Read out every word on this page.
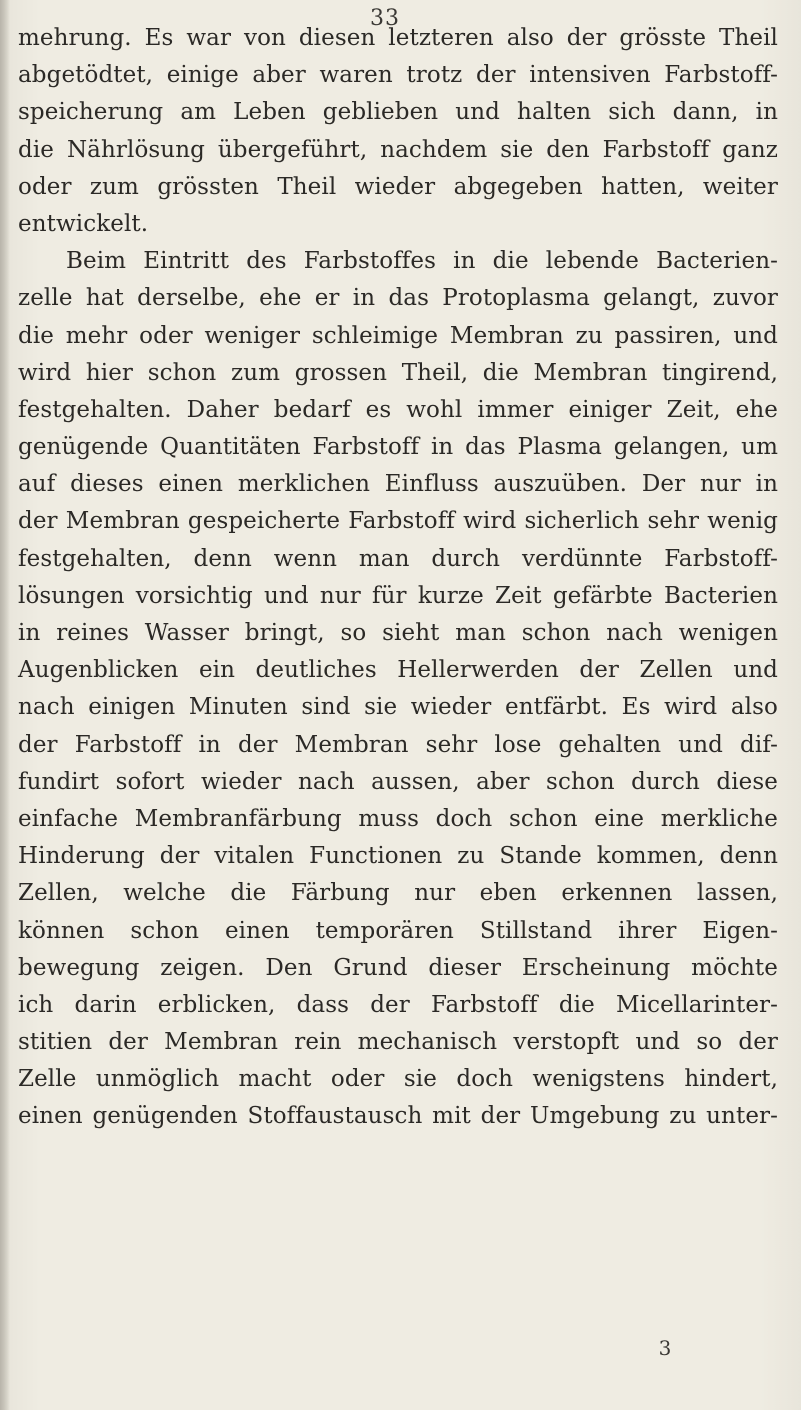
33
mehrung. Es war von diesen letzteren also der grösste Theil
abgetödtet, einige aber waren trotz der intensiven Farbstoff-
speicherung am Leben geblieben und halten sich dann, in
die Nährlösung übergeführt, nachdem sie den Farbstoff ganz
oder zum grössten Theil wieder abgegeben hatten, weiter
entwickelt.
Beim Eintritt des Farbstoffes in die lebende Bacterien-
zelle hat derselbe, ehe er in das Protoplasma gelangt, zuvor
die mehr oder weniger schleimige Membran zu passiren, und
wird hier schon zum grossen Theil, die Membran tingirend,
festgehalten. Daher bedarf es wohl immer einiger Zeit, ehe
genügende Quantitäten Farbstoff in das Plasma gelangen, um
auf dieses einen merklichen Einfluss auszuüben. Der nur in
der Membran gespeicherte Farbstoff wird sicherlich sehr wenig
festgehalten, denn wenn man durch verdünnte Farbstoff-
lösungen vorsichtig und nur für kurze Zeit gefärbte Bacterien
in reines Wasser bringt, so sieht man schon nach wenigen
Augenblicken ein deutliches Hellerwerden der Zellen und
nach einigen Minuten sind sie wieder entfärbt. Es wird also
der Farbstoff in der Membran sehr lose gehalten und dif-
fundirt sofort wieder nach aussen, aber schon durch diese
einfache Membranfärbung muss doch schon eine merkliche
Hinderung der vitalen Functionen zu Stande kommen, denn
Zellen, welche die Färbung nur eben erkennen lassen,
können schon einen temporären Stillstand ihrer Eigen-
bewegung zeigen. Den Grund dieser Erscheinung möchte
ich darin erblicken, dass der Farbstoff die Micellarinter-
stitien der Membran rein mechanisch verstopft und so der
Zelle unmöglich macht oder sie doch wenigstens hindert,
einen genügenden Stoffaustausch mit der Umgebung zu unter-
3
